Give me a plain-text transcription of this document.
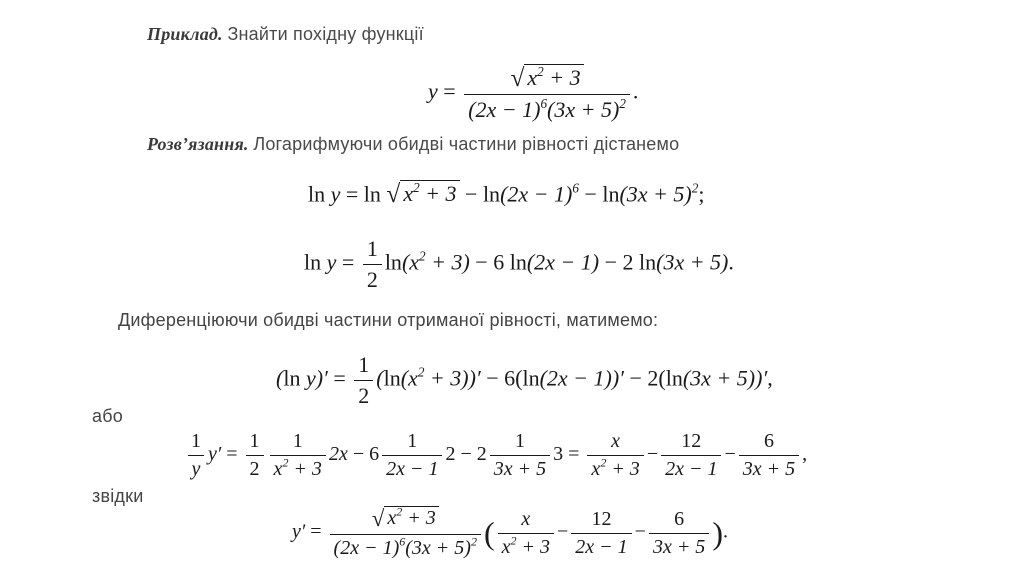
Приклад. Знайти похідну функції
$y = \frac{√ x^2 + 3}{(2x - 1)^6(3x + 5)^2}$ .
Розв’язання. Логарифмуючи обидві частини рівності дістанемо
ln y = ln √ $x^2 + 3 - \ln(2x - 1)^6 - \ln(3x + 5)^2$;
$\ln y = \frac{1}{2} \ln(x^2 + 3) - 6$ ln(2x − 1) − 2 ln(3x + 5).
Диференціюючи обидві частини отриманої рівності, матимемо:
(ln $y)' = \frac{1}{2} (\ln(x^2 + 3))' - 6(\ln(2x - 1))' - 2(\ln(3x + 5))'$,
або
$\frac{1}{y} y' = \frac{1}{2} \frac{1}{x^2 + 3} 2x - 6 \frac{1}{2x - 1} 2 - 2 \frac{1}{3x + 5} 3 = \frac{x}{x^2 + 3} - \frac{12}{2x - 1} - \frac{6}{3x + 5}$ ,
звідки
$y' = \frac{√ x^2 + 3}{(2x - 1)^6(3x + 5)^2}$ ( $\frac{x}{x^2 + 3} - \frac{12}{2x - 1} - \frac{6}{3x + 5}$ ).
